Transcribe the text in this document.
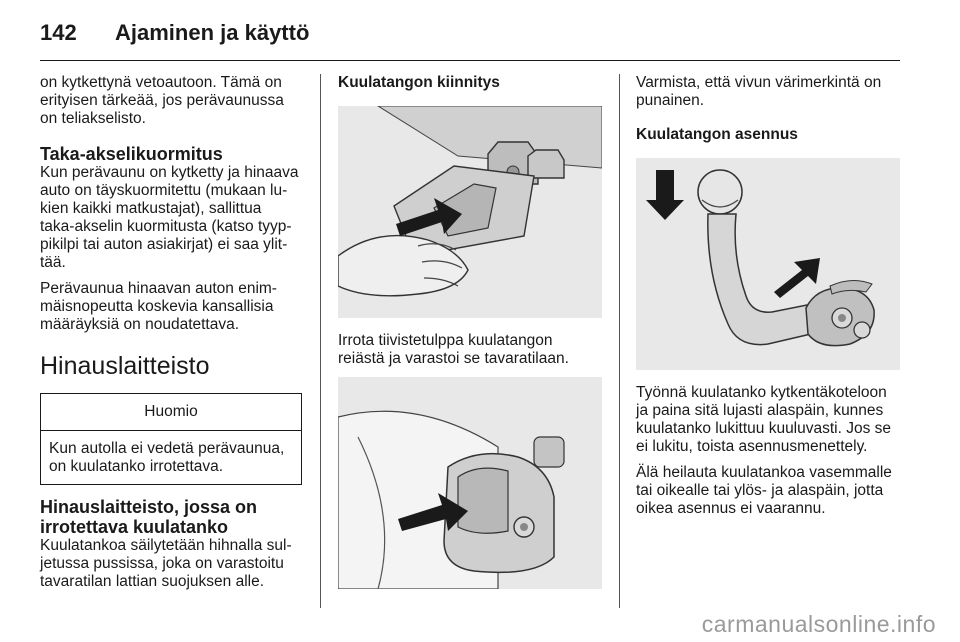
142 Ajaminen ja käyttö

on kytkettynä vetoautoon. Tämä on
erityisen tärkeää, jos perävaunussa
on teliakselisto.

Taka-akselikuormitus

Kun perävaunu on kytketty ja hinaava
auto on täyskuormitettu (mukaan lu-
kien kaikki matkustajat), sallittua
taka-akselin kuormitusta (katso tyyp-
pikilpi tai auton asiakirjat) ei saa ylit-
tää.

Perävaunua hinaavan auton enim-
mäisnopeutta koskevia kansallisia
määräyksiä on noudatettava.

Hinauslaitteisto
Huomio

Kun autolla ei vedetä perävaunua,
on kuulatanko irrotettava.

Hinauslaitteisto, jossa on
irrotettava kuulatanko

Kuulatankoa säilytetään hihnalla sul-
jetussa pussissa, joka on varastoitu
tavaratilan lattian suojuksen alle.

Kuulatangon kiinnitys

Irrota tiivistetulppa kuulatangon
reiästä ja varastoi se tavaratilaan.

Varmista, että vivun värimerkintä on
punainen.

Kuulatangon asennus

Työnnä kuulatanko kytkentäkoteloon
ja paina sitä lujasti alaspäin, kunnes
kuulatanko lukittuu kuuluvasti. Jos se
ei lukitu, toista asennusmenettely.

Älä heilauta kuulatankoa vasemmalle
tai oikealle tai ylös- ja alaspäin, jotta
oikea asennus ei vaarannu.

carmanualsonline.info
